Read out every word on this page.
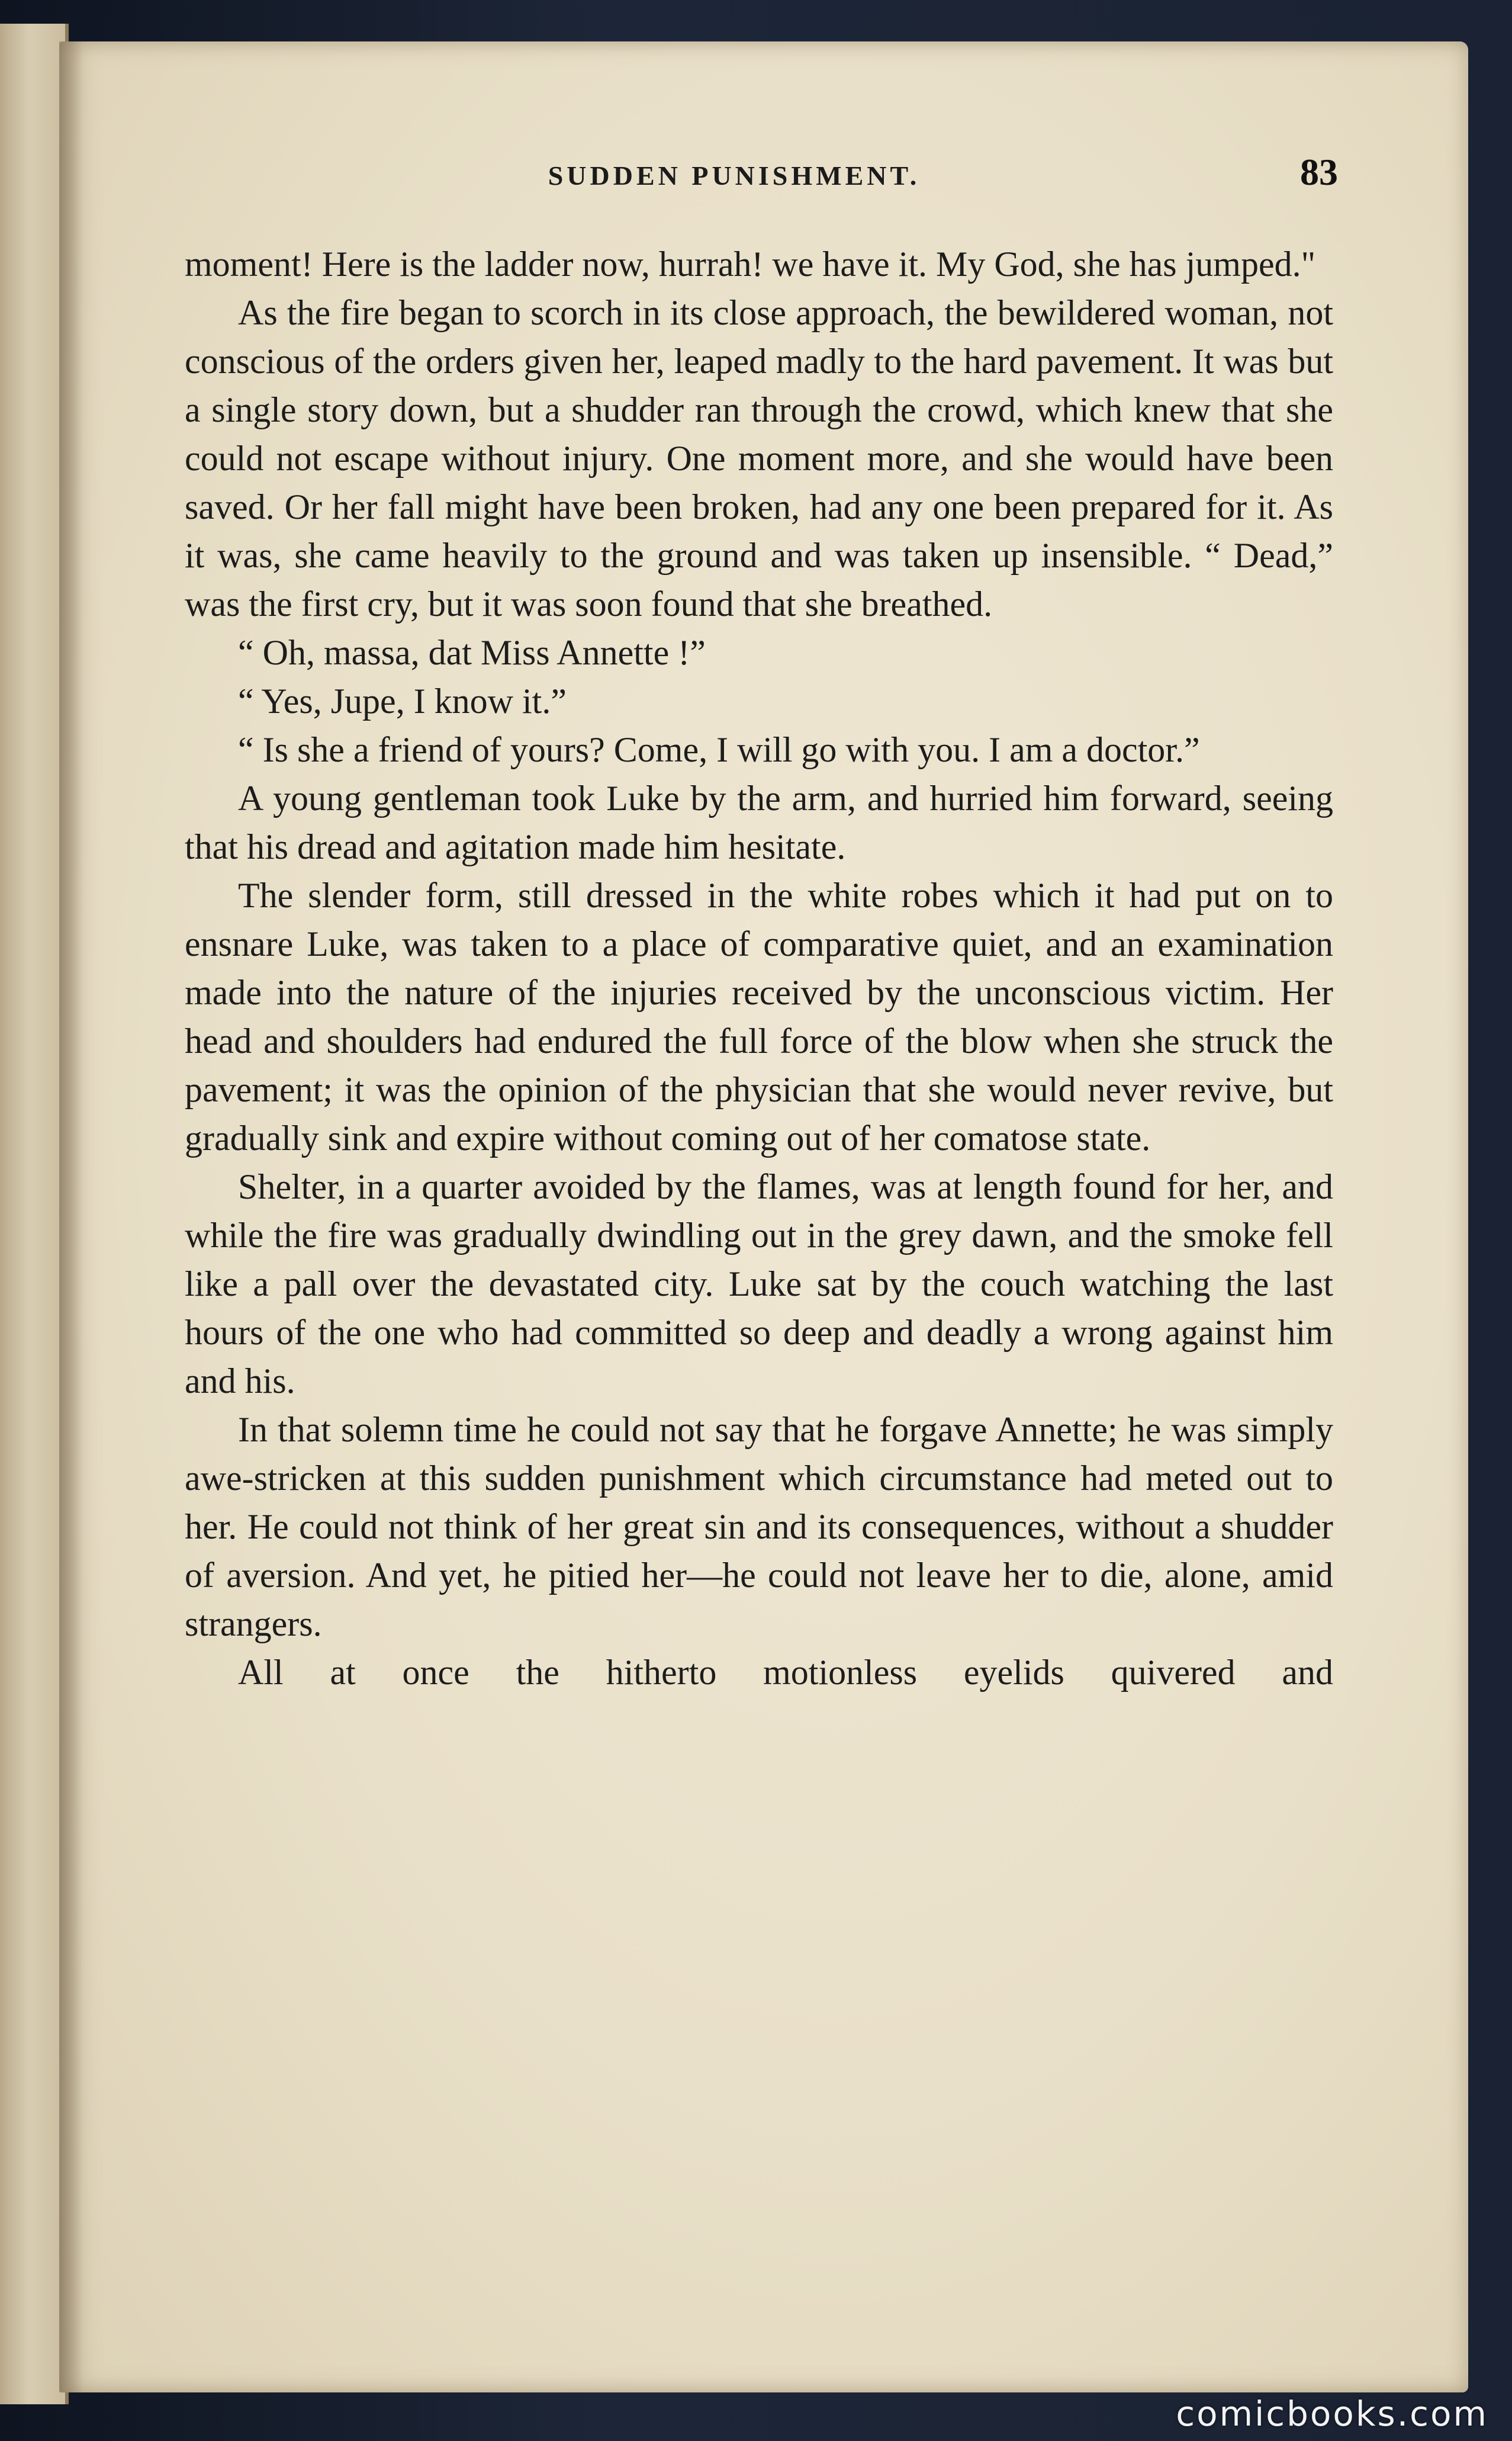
SUDDEN PUNISHMENT.	83

moment! Here is the ladder now, hurrah! we have it. My God, she has jumped."

As the fire began to scorch in its close approach, the bewildered woman, not conscious of the orders given her, leaped madly to the hard pavement. It was but a single story down, but a shudder ran through the crowd, which knew that she could not escape without injury. One moment more, and she would have been saved. Or her fall might have been broken, had any one been prepared for it. As it was, she came heavily to the ground and was taken up insensible. “ Dead,” was the first cry, but it was soon found that she breathed.

“ Oh, massa, dat Miss Annette !”

“ Yes, Jupe, I know it.”

“ Is she a friend of yours? Come, I will go with you. I am a doctor.”

A young gentleman took Luke by the arm, and hurried him forward, seeing that his dread and agitation made him hesitate.

The slender form, still dressed in the white robes which it had put on to ensnare Luke, was taken to a place of comparative quiet, and an examination made into the nature of the injuries received by the unconscious victim. Her head and shoulders had endured the full force of the blow when she struck the pavement; it was the opinion of the physician that she would never revive, but gradually sink and expire without coming out of her comatose state.

Shelter, in a quarter avoided by the flames, was at length found for her, and while the fire was gradually dwindling out in the grey dawn, and the smoke fell like a pall over the devastated city. Luke sat by the couch watching the last hours of the one who had committed so deep and deadly a wrong against him and his.

In that solemn time he could not say that he forgave Annette; he was simply awe-stricken at this sudden punishment which circumstance had meted out to her. He could not think of her great sin and its consequences, without a shudder of aversion. And yet, he pitied her—he could not leave her to die, alone, amid strangers.

All at once the hitherto motionless eyelids quivered and

comicbooks.com
